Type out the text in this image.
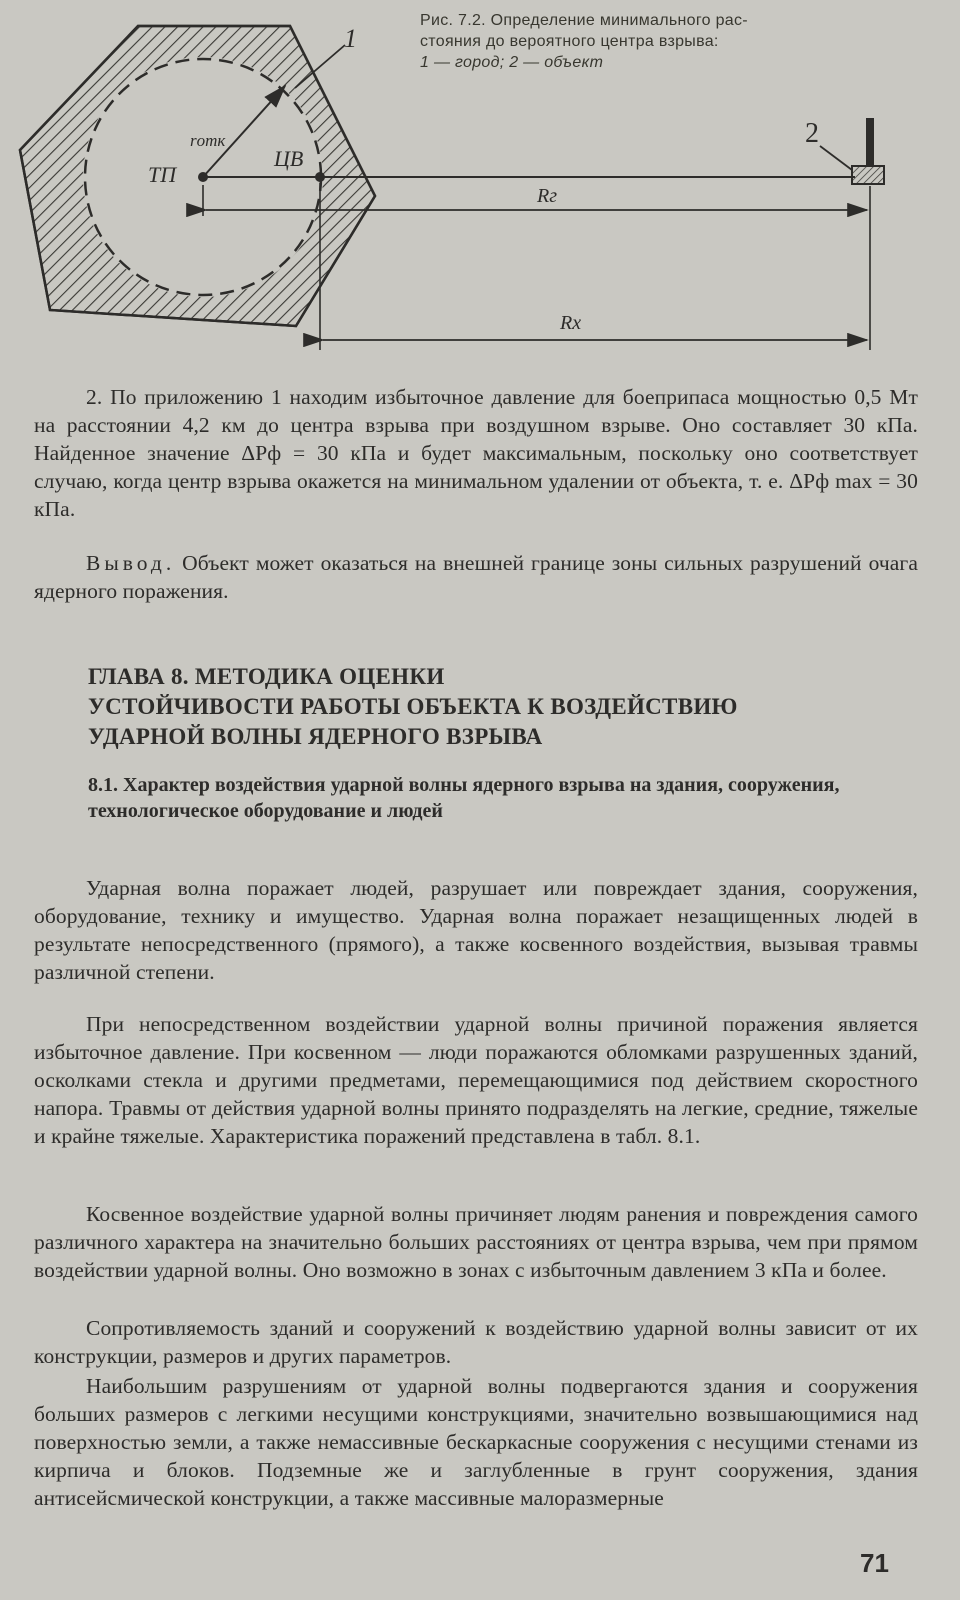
ТП
ЦВ
rотк
Rг
Rх
1
2
Рис. 7.2. Определение минимального рас-
стояния до вероятного центра взрыва:
1 — город; 2 — объект
2. По приложению 1 находим избыточное давление для боеприпаса мощностью 0,5 Мт на расстоянии 4,2 км до центра взрыва при воздушном взрыве. Оно составляет 30 кПа. Найденное значение ΔPф = 30 кПа и будет максимальным, поскольку оно соответствует случаю, когда центр взрыва окажется на минимальном удалении от объекта, т. е. ΔPф max = 30 кПа.
Вывод. Объект может оказаться на внешней границе зоны сильных разрушений очага ядерного поражения.
ГЛАВА 8. МЕТОДИКА ОЦЕНКИ
УСТОЙЧИВОСТИ РАБОТЫ ОБЪЕКТА К ВОЗДЕЙСТВИЮ
УДАРНОЙ ВОЛНЫ ЯДЕРНОГО ВЗРЫВА
8.1. Характер воздействия ударной волны ядерного взрыва на здания, сооружения, технологическое оборудование и людей
Ударная волна поражает людей, разрушает или повреждает здания, сооружения, оборудование, технику и имущество. Ударная волна поражает незащищенных людей в результате непосредственного (прямого), а также косвенного воздействия, вызывая травмы различной степени.
При непосредственном воздействии ударной волны причиной поражения является избыточное давление. При косвенном — люди поражаются обломками разрушенных зданий, осколками стекла и другими предметами, перемещающимися под действием скоростного напора. Травмы от действия ударной волны принято подразделять на легкие, средние, тяжелые и крайне тяжелые. Характеристика поражений представлена в табл. 8.1.
Косвенное воздействие ударной волны причиняет людям ранения и повреждения самого различного характера на значительно больших расстояниях от центра взрыва, чем при прямом воздействии ударной волны. Оно возможно в зонах с избыточным давлением 3 кПа и более.
Сопротивляемость зданий и сооружений к воздействию ударной волны зависит от их конструкции, размеров и других параметров.
Наибольшим разрушениям от ударной волны подвергаются здания и сооружения больших размеров с легкими несущими конструкциями, значительно возвышающимися над поверхностью земли, а также немассивные бескаркасные сооружения с несущими стенами из кирпича и блоков. Подземные же и заглубленные в грунт сооружения, здания антисейсмической конструкции, а также массивные малоразмерные
71
